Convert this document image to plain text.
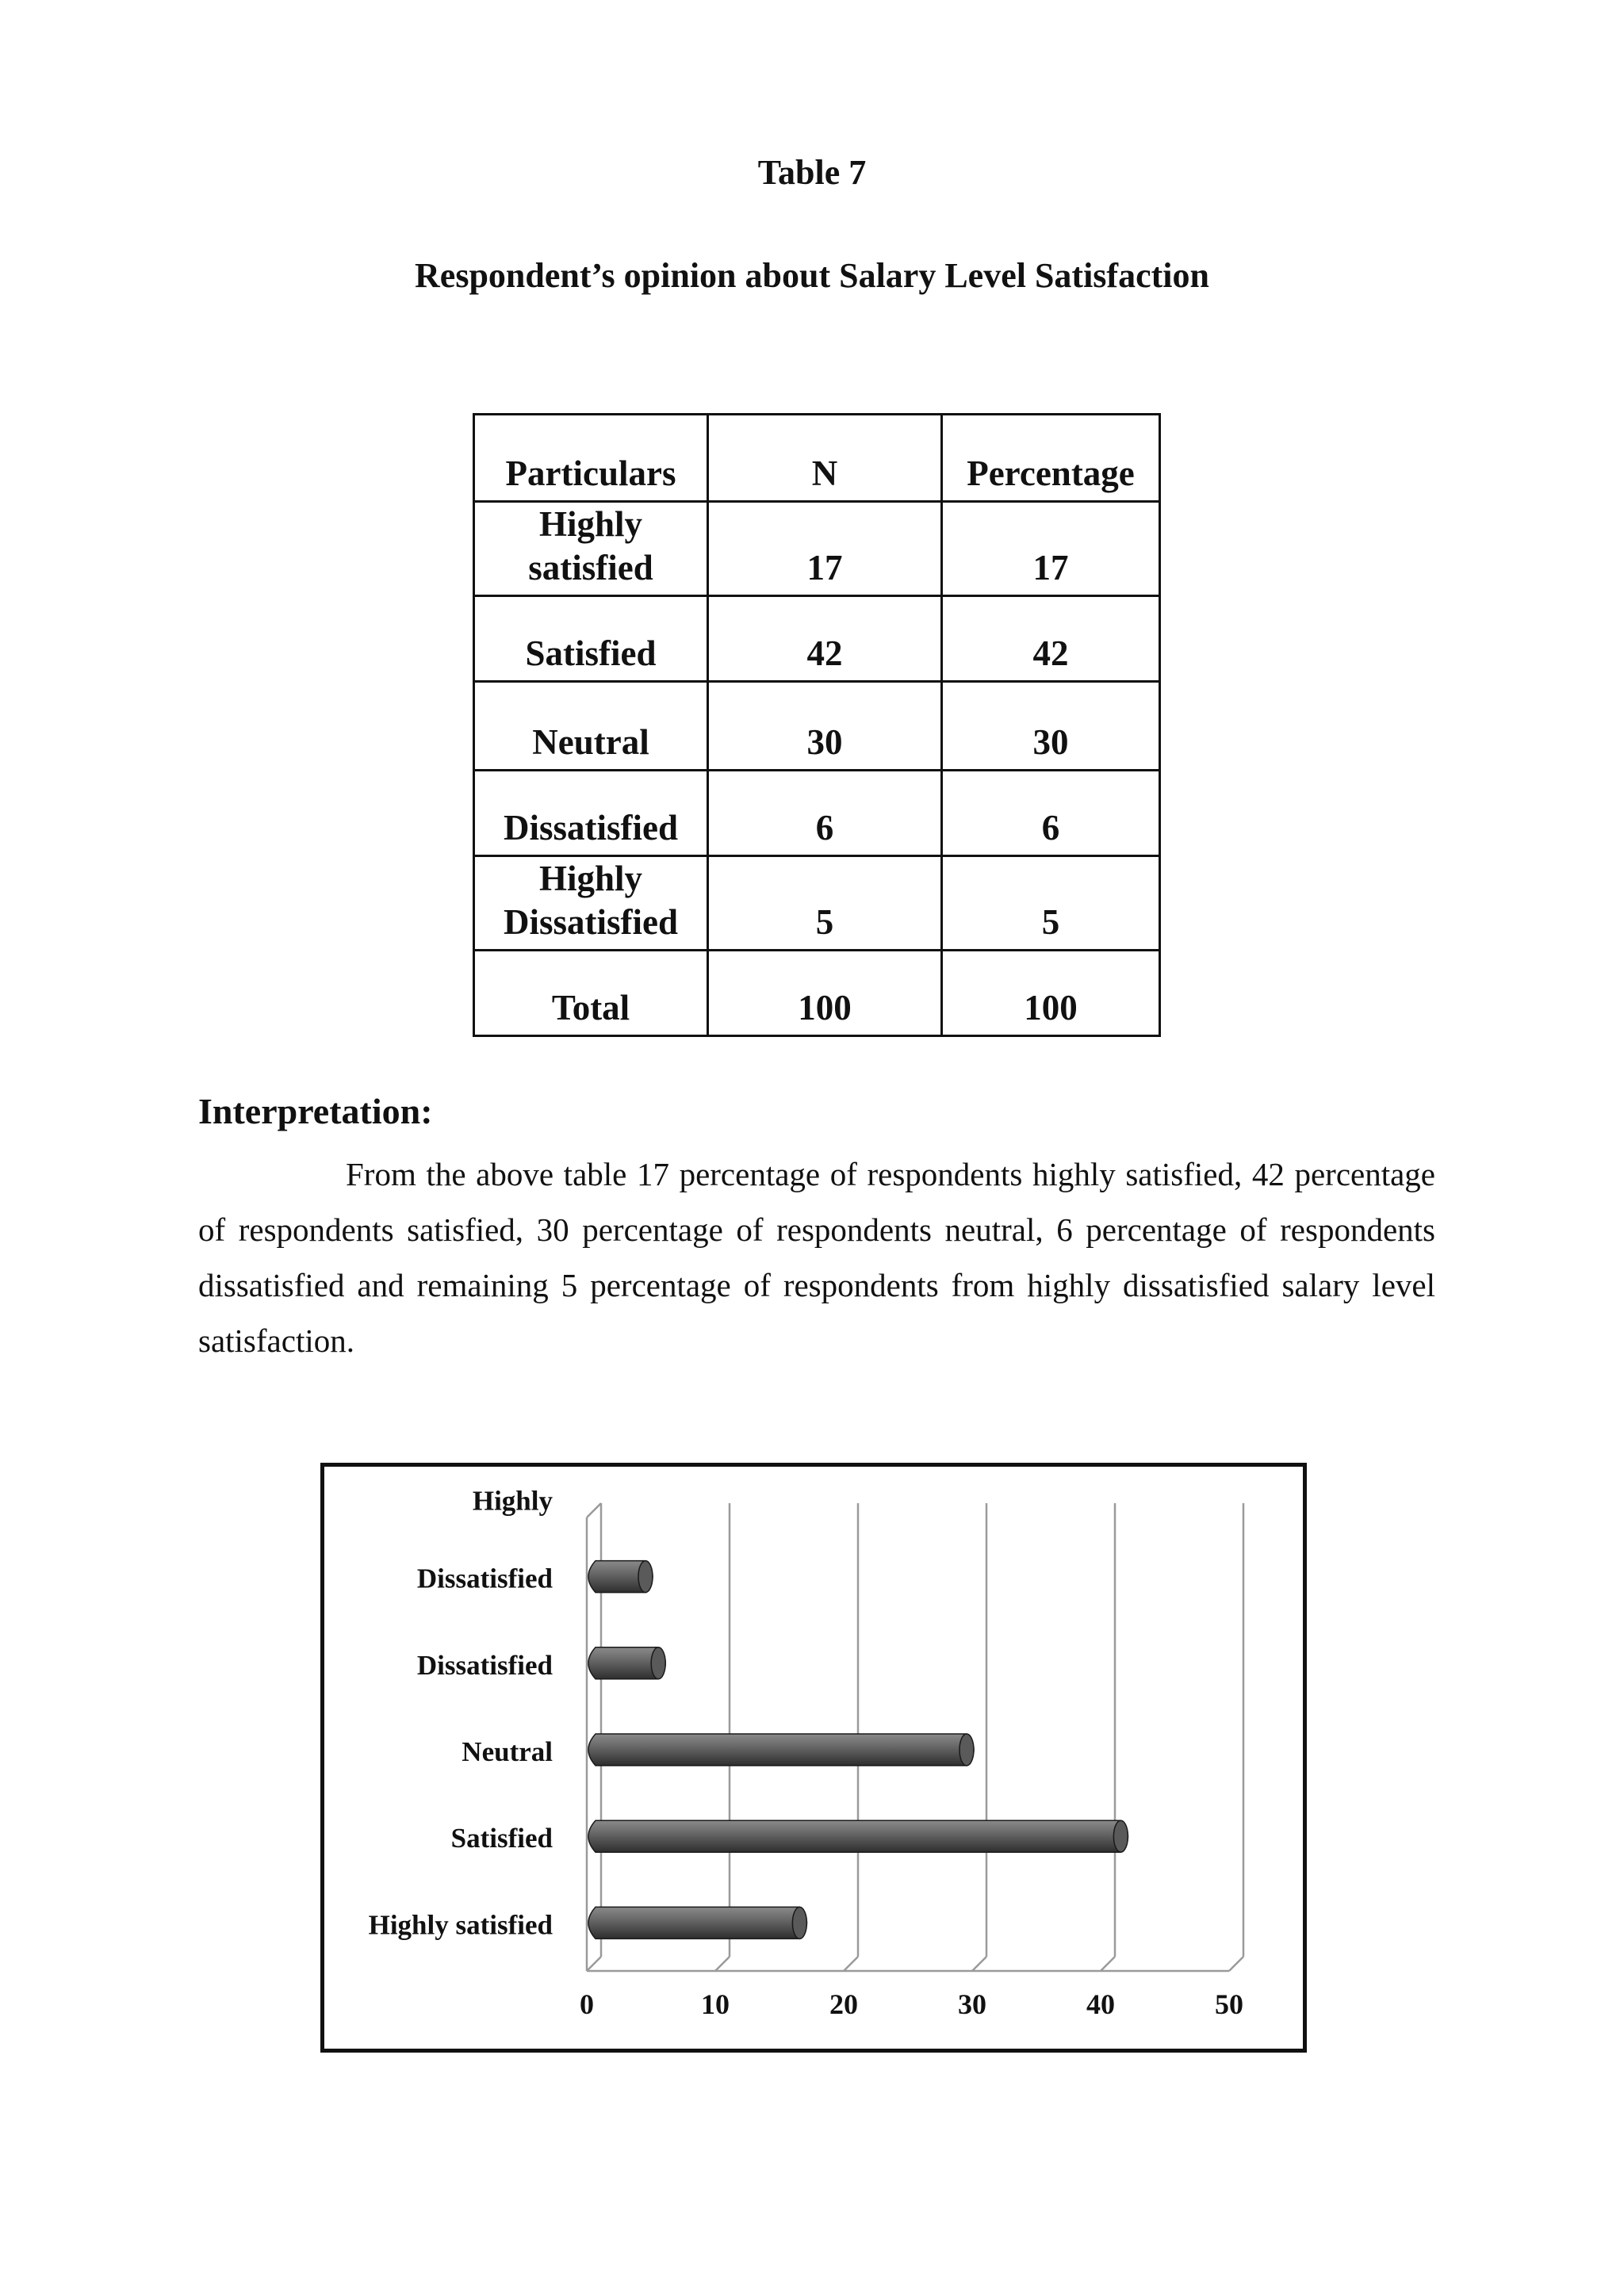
Table 7
Respondent’s opinion about Salary Level Satisfaction
Particulars	N	Percentage
Highly
satisfied	17	17
Satisfied	42	42
Neutral	30	30
Dissatisfied	6	6
Highly
Dissatisfied	5	5
Total	100	100
Interpretation:

From the above table 17 percentage of respondents highly satisfied, 42 percentage of respondents satisfied, 30 percentage of respondents neutral, 6 percentage of respondents dissatisfied and remaining 5 percentage of respondents from highly dissatisfied salary level satisfaction.

Highly satisfied
Satisfied
Neutral
Dissatisfied
Highly
Dissatisfied
0	10	20	30	40	50
